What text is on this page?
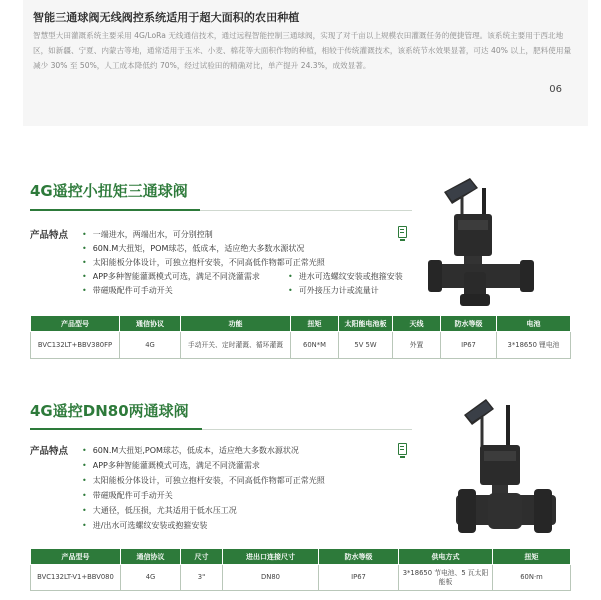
智能三通球阀无线阀控系统适用于超大面积的农田种植
智慧型大田灌溉系统主要采用 4G/LoRa 无线通信技术，通过远程智能控制三通球阀，实现了对千亩以上规模农田灌溉任务的便捷管理。该系统主要用于西北地区，如新疆、宁夏、内蒙古等地，通常适用于玉米、小麦、棉花等大面积作物的种植，相较于传统灌溉技术，该系统节水效果显著，可达 40% 以上，肥料使用量减少 30% 至 50%，人工成本降低约 70%，经过试验田的精确对比，单产提升 24.3%，成效显著。
06
4G遥控小扭矩三通球阀
产品特点	• 一端进水，两端出水，可分别控制
• 60N.M大扭矩，POM球芯，低成本，适应绝大多数水源状况
• 太阳能板分体设计，可独立抱杆安装，不同高低作物都可正常光照
• APP多种智能灌溉模式可选，满足不同浇灌需求	• 进水可选螺纹安装或抱箍安装
• 带磁吸配件可手动开关	• 可外接压力计或流量计
产品型号	通信协议	功能	扭矩	太阳能电池板	天线	防水等级	电池
BVC132LT+BBV380FP	4G	手动开关、定时灌溉、循环灌溉	60N*M	5V 5W	外置	IP67	3*18650 锂电池
4G遥控DN80两通球阀
产品特点	• 60N.M大扭矩,POM球芯，低成本，适应绝大多数水源状况
• APP多种智能灌溉模式可选，满足不同浇灌需求
• 太阳能板分体设计，可独立抱杆安装，不同高低作物都可正常光照
• 带磁吸配件可手动开关
• 大通径，低压损，尤其适用于低水压工况
• 进/出水可选螺纹安装或抱箍安装
产品型号	通信协议	尺寸	进出口连接尺寸	防水等级	供电方式	扭矩
BVC132LT-V1+BBV080	4G	3"	DN80	IP67	3*18650 节电池、5 瓦太阳能板	60N·m
